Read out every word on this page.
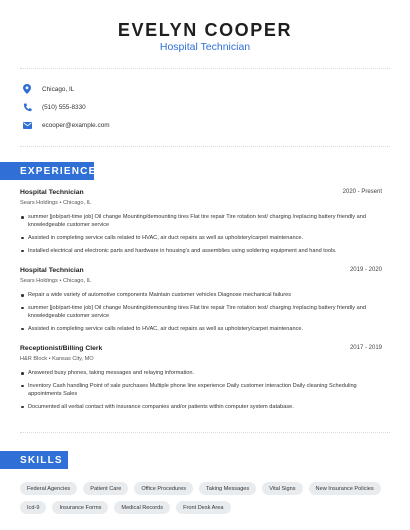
EVELYN COOPER
Hospital Technician
Chicago, IL
(510) 555-8330
ecooper@example.com
EXPERIENCE
Hospital Technician	2020 - Present
Sears Holdings • Chicago, IL
summer [job/part-time job] Oil change Mounting/demounting tires Flat tire repair Tire rotation test/ charging /replacing battery friendly and knowledgeable customer service
Assisted in completing service calls related to HVAC, air duct repairs as well as upholstery/carpet maintenance.
Installed electrical and electronic parts and hardware in housing's and assemblies using soldering equipment and hand tools.
Hospital Technician	2019 - 2020
Sears Holdings • Chicago, IL
Repair a wide variety of automotive components Maintain customer vehicles Diagnose mechanical failures
summer [job/part-time job] Oil change Mounting/demounting tires Flat tire repair Tire rotation test/ charging /replacing battery friendly and knowledgeable customer service
Assisted in completing service calls related to HVAC, air duct repairs as well as upholstery/carpet maintenance.
Receptionist/Billing Clerk	2017 - 2019
H&R Block • Kansas City, MO
Answered busy phones, taking messages and relaying information.
Inventory Cash handling Point of sale purchases Multiple phone line experience Daily customer interaction Daily cleaning Scheduling appointments Sales
Documented all verbal contact with insurance companies and/or patients within computer system database.
SKILLS
Federal Agencies	Patient Care	Office Procedures	Taking Messages	Vital Signs	New Insurance Policies
Icd-9	Insurance Forms	Medical Records	Front Desk Area
